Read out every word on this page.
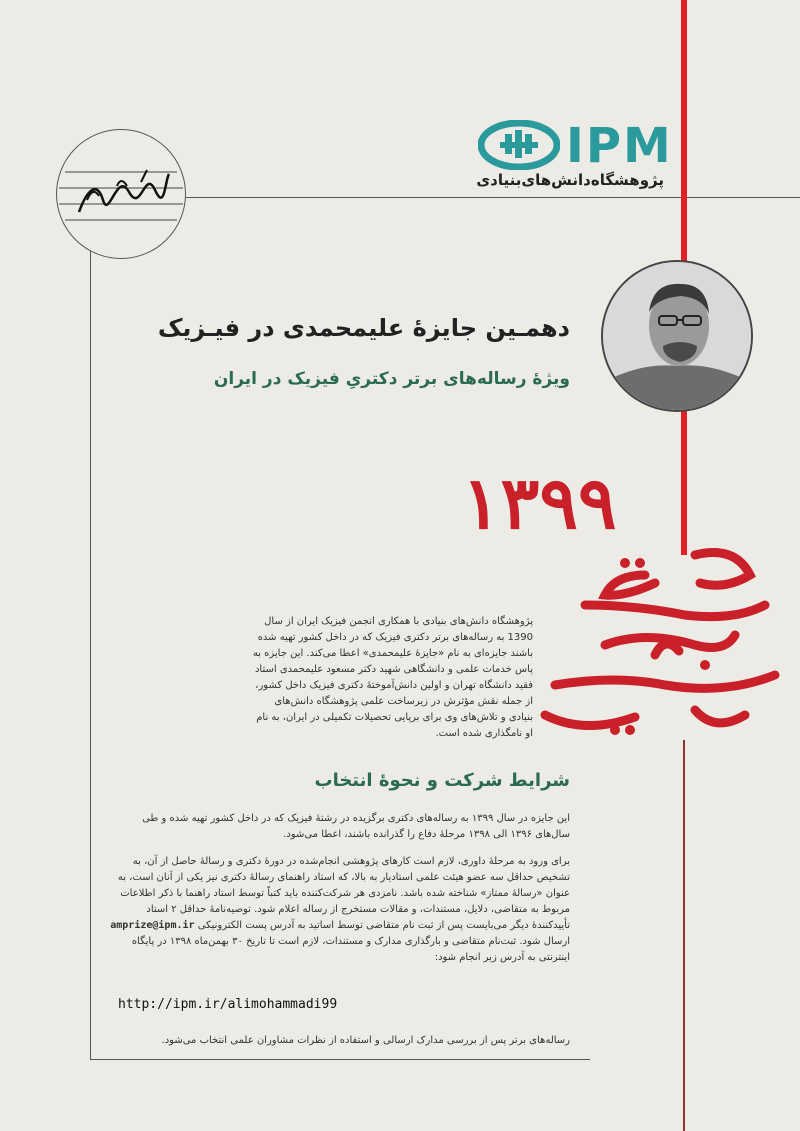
IPM
پژوهشگاه‌دانش‌های‌بنیادی
دهمـین جایزهٔ علیمحمدی در فیـزیک
ویژهٔ رساله‌های برتر دکتریِ فیزیک در ایران
۱۳۹۹
پژوهشگاه دانش‌های بنیادی با همکاری انجمن فیزیک ایران از سال 1390 به رساله‌های برتر دکتری فیزیک که در داخل کشور تهیه شده باشند جایزه‌ای به نام «جایزهٔ علیمحمدی» اعطا می‌کند. این جایزه به پاس خدمات علمی و دانشگاهی شهید دکتر مسعود علیمحمدی استاد فقید دانشگاه تهران و اولین دانش‌آموختهٔ دکتری فیزیک داخل کشور، از جمله نقش مؤثرش در زیرساخت علمی پژوهشگاه دانش‌های بنیادی و تلاش‌های وی برای برپایی تحصیلات تکمیلی در ایران، به نام او نامگذاری شده است.
شرایط شرکت و نحوهٔ انتخاب
این جایزه در سال ۱۳۹۹ به رساله‌های دکتری برگزیده در رشتهٔ فیزیک که در داخل کشور تهیه شده و طی سال‌های ۱۳۹۶ الی ۱۳۹۸ مرحلهٔ دفاع را گذرانده باشند، اعطا می‌شود.
برای ورود به مرحلهٔ داوری، لازم است کارهای پژوهشی انجام‌شده در دورهٔ دکتری و رسالهٔ حاصل از آن، به تشخیص حداقل سه عضو هیئت علمی استادیار به بالا، که استاد راهنمای رسالهٔ دکتری نیز یکی از آنان است، به عنوان «رسالهٔ ممتاز» شناخته شده باشد. نامزدی هر شرکت‌کننده باید کتباً توسط استاد راهنما با ذکر اطلاعات مربوط به متقاضی، دلایل، مستندات، و مقالات مستخرج از رساله اعلام شود. توصیه‌نامهٔ حداقل ۲ استاد تأییدکنندهٔ دیگر می‌بایست پس از ثبت نام متقاضی توسط اساتید به آدرس پست الکترونیکی amprize@ipm.ir ارسال شود. ثبت‌نام متقاضی و بارگذاری مدارک و مستندات، لازم است تا تاریخ ۳۰ بهمن‌ماه ۱۳۹۸ در پایگاه اینترنتی به آدرس زیر انجام شود:
http://ipm.ir/alimohammadi99
رساله‌های برتر پس از بررسی مدارک ارسالی و استفاده از نظرات مشاوران علمی انتخاب می‌شود.
